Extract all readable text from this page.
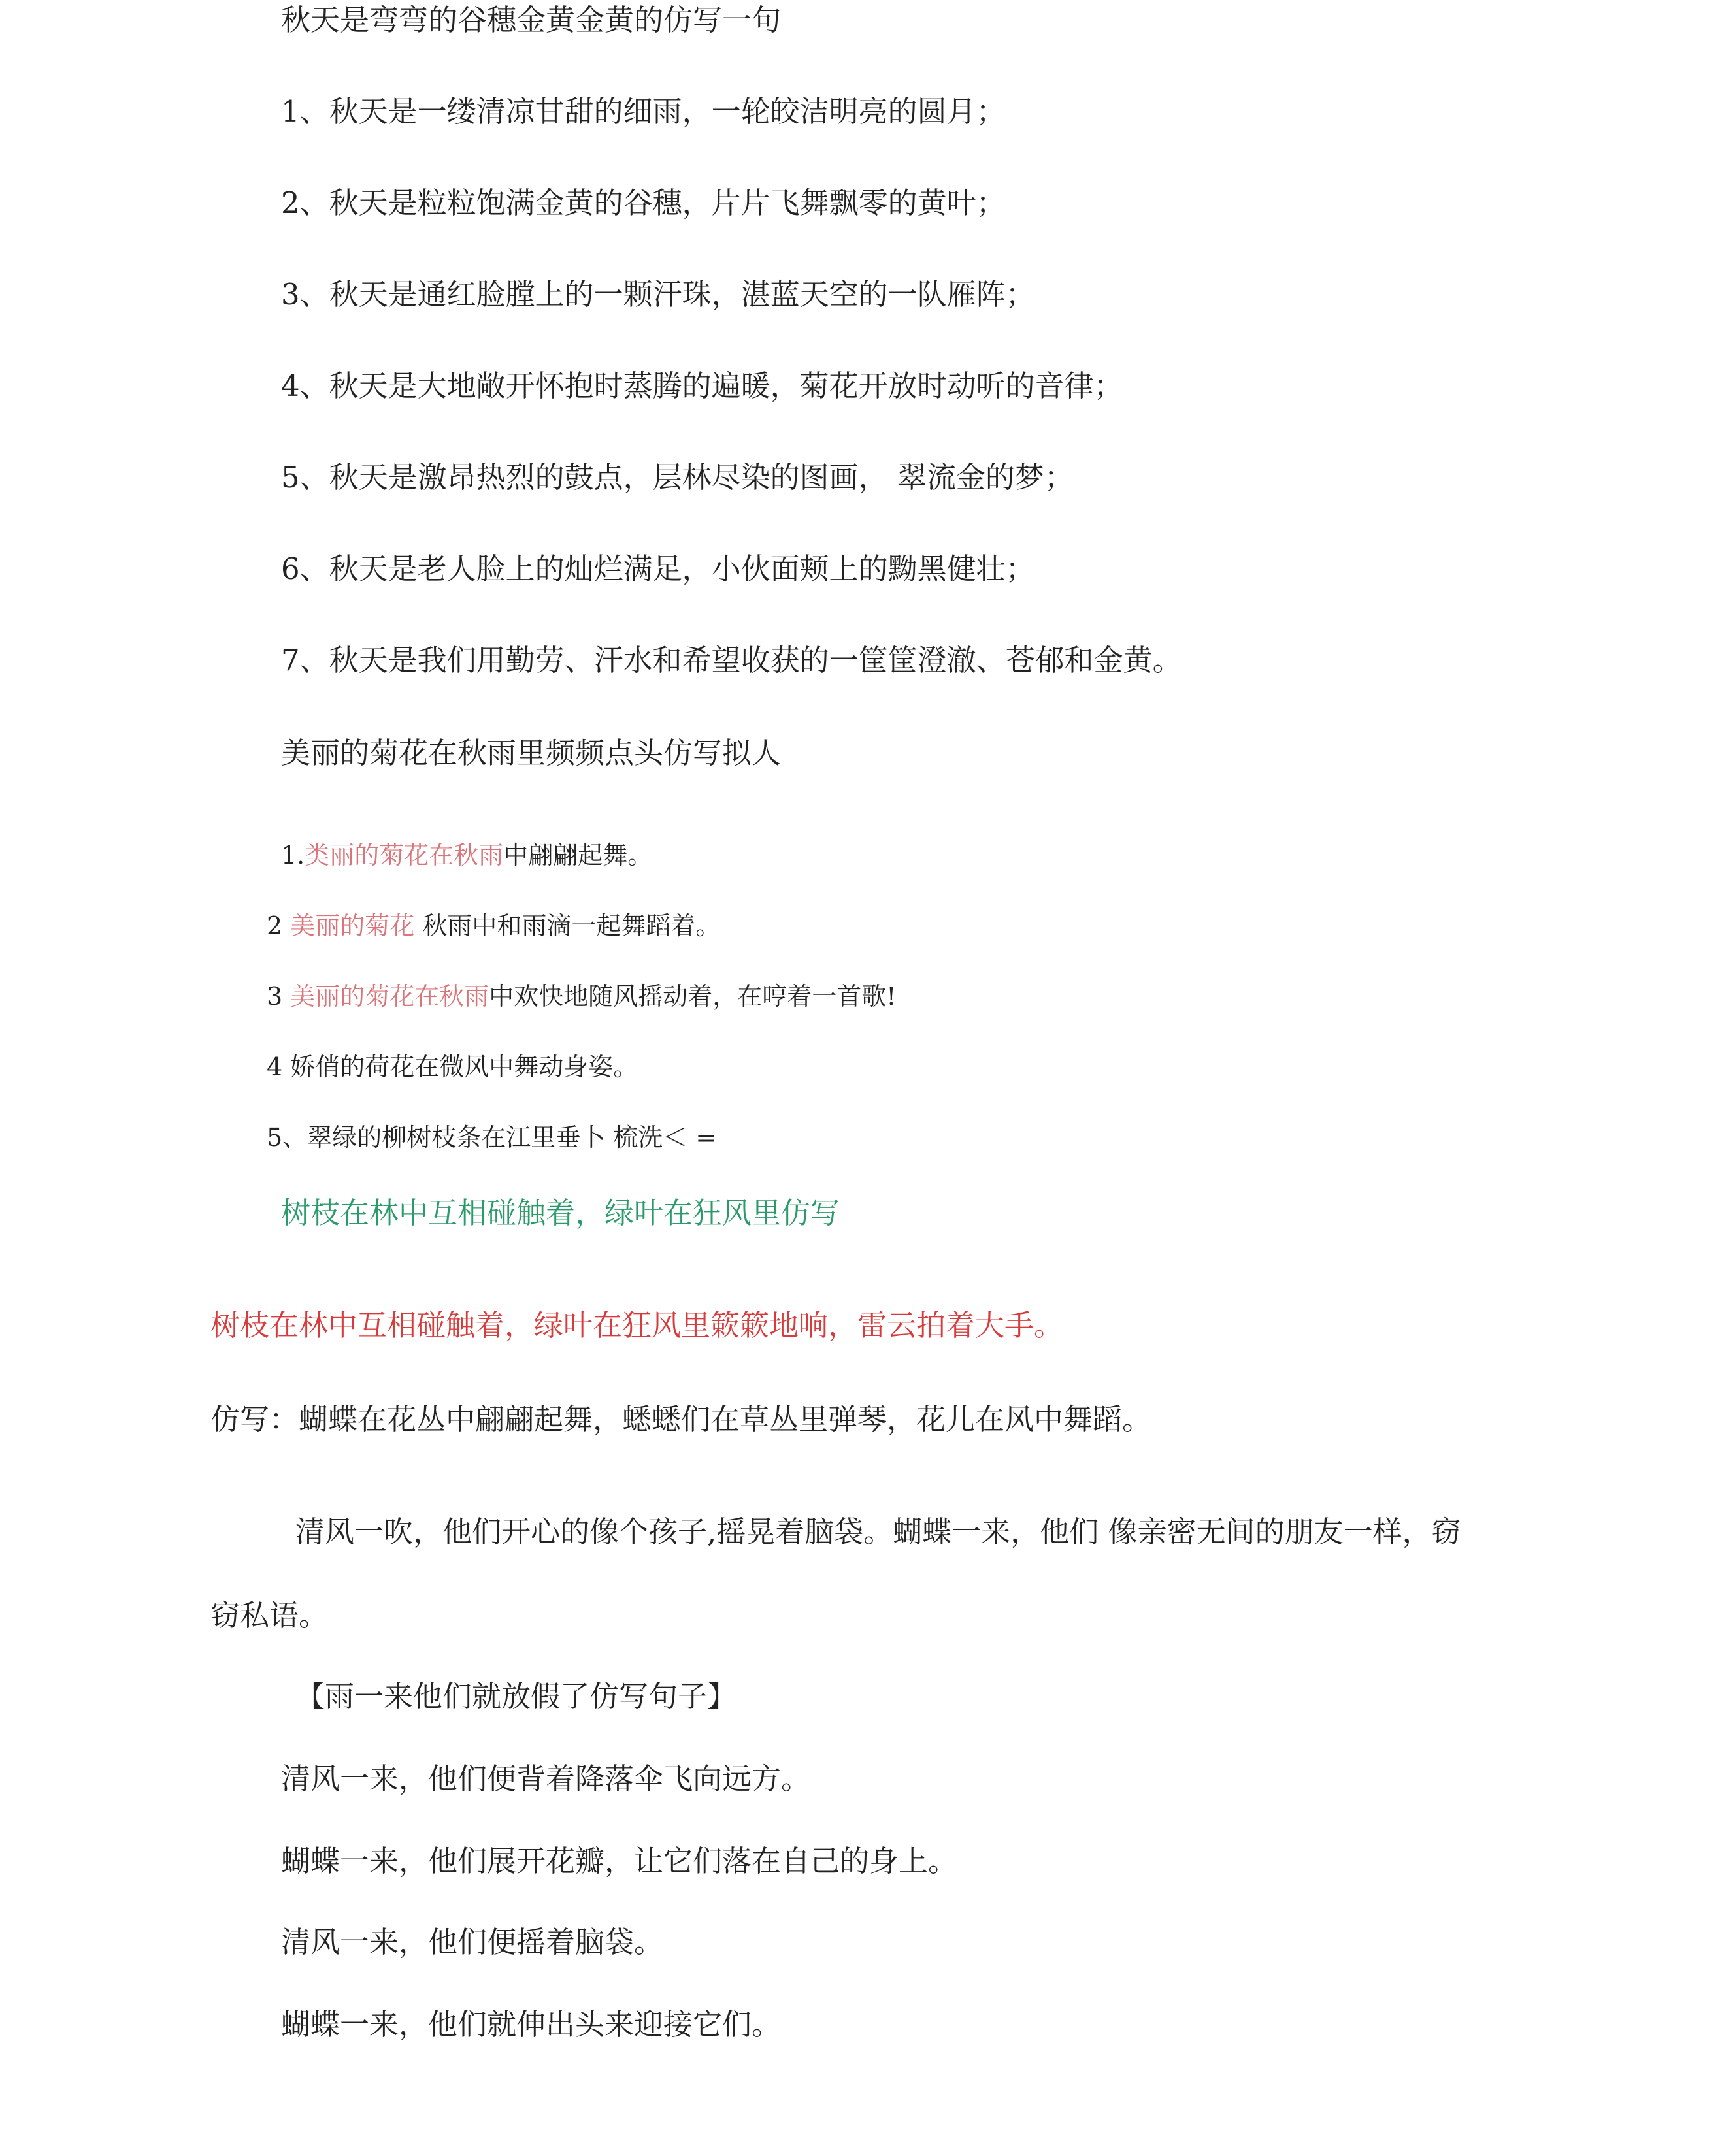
秋天是弯弯的谷穗金黄金黄的仿写一句
1、秋天是一缕清凉甘甜的细雨，一轮皎洁明亮的圆月；
2、秋天是粒粒饱满金黄的谷穗，片片飞舞飘零的黄叶；
3、秋天是通红脸膛上的一颗汗珠，湛蓝天空的一队雁阵；
4、秋天是大地敞开怀抱时蒸腾的遍暖，菊花开放时动听的音律；
5、秋天是激昂热烈的鼓点，层林尽染的图画， 翠流金的梦；
6、秋天是老人脸上的灿烂满足，小伙面颊上的黝黑健壮；
7、秋天是我们用勤劳、汗水和希望收获的一筐筐澄澈、苍郁和金黄。
美丽的菊花在秋雨里频频点头仿写拟人
1.类丽的菊花在秋雨中翩翩起舞。
2 美丽的菊花 秋雨中和雨滴一起舞蹈着。
3 美丽的菊花在秋雨中欢快地随风摇动着，在哼着一首歌!
4 娇俏的荷花在微风中舞动身姿。
5、翠绿的柳树枝条在江里垂卜 梳洗＜ =
树枝在林中互相碰触着，绿叶在狂风里仿写
树枝在林中互相碰触着，绿叶在狂风里簌簌地响，雷云拍着大手。
仿写：蝴蝶在花丛中翩翩起舞，蟋蟋们在草丛里弹琴，花儿在风中舞蹈。
清风一吹，他们开心的像个孩子,摇晃着脑袋。蝴蝶一来，他们 像亲密无间的朋友一样，窃
窃私语。
【雨一来他们就放假了仿写句子】
清风一来，他们便背着降落伞飞向远方。
蝴蝶一来，他们展开花瓣，让它们落在自己的身上。
清风一来，他们便摇着脑袋。
蝴蝶一来，他们就伸出头来迎接它们。
